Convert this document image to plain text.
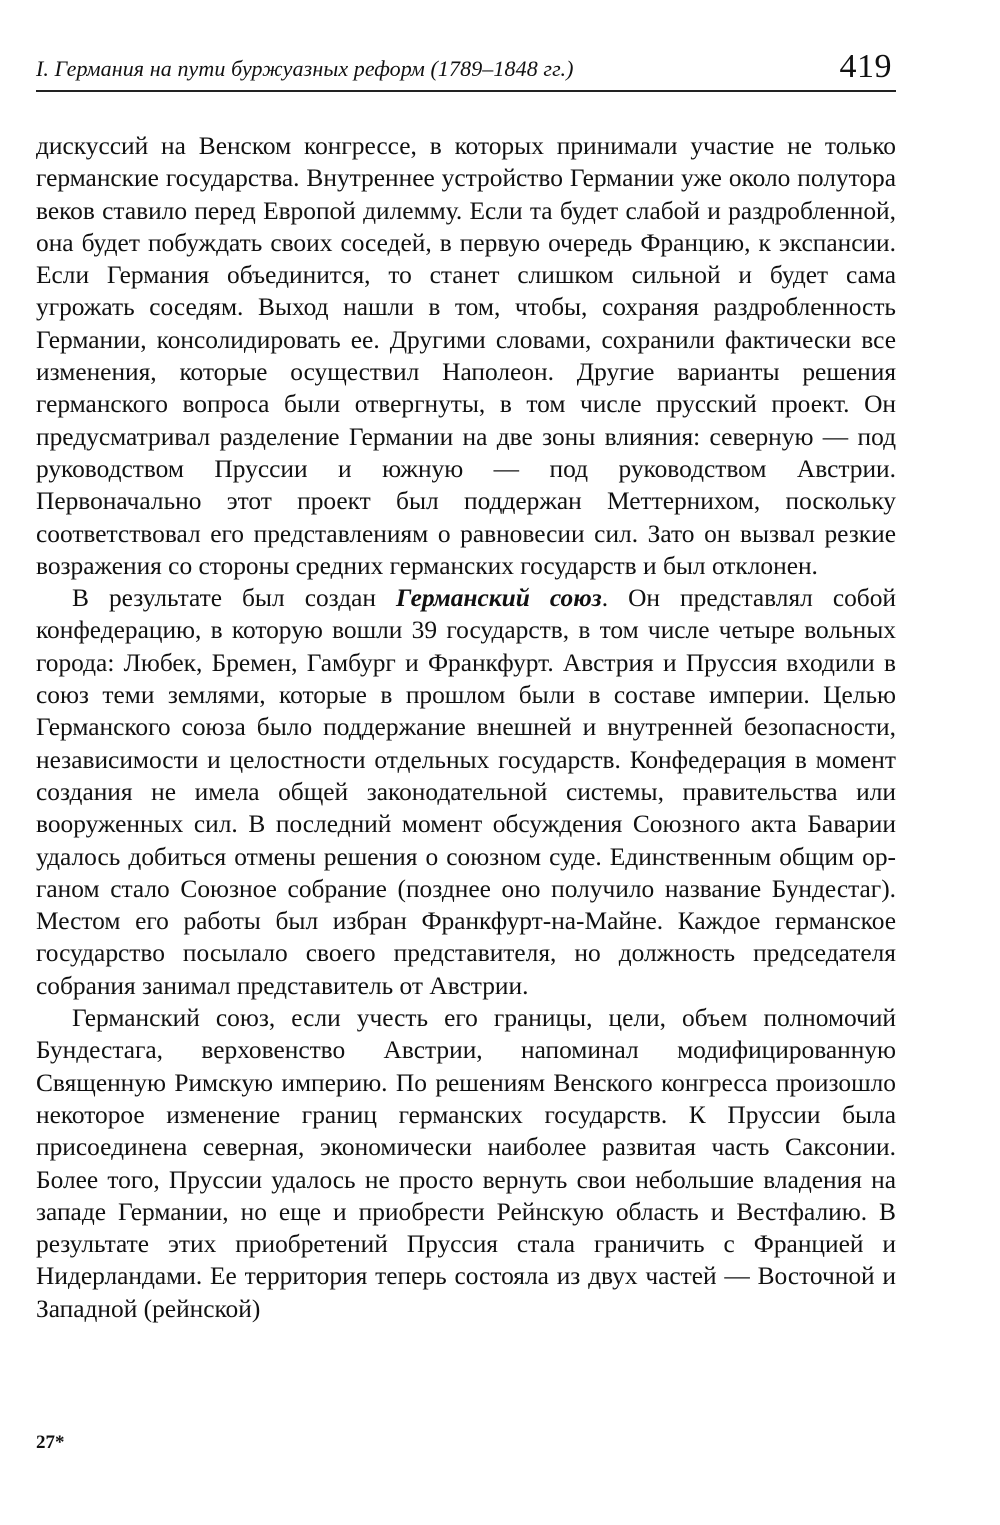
I. Германия на пути буржуазных реформ (1789–1848 гг.)	419

дискуссий на Венском конгрессе, в которых принимали участие не только германские государства. Внутреннее устройство Германии уже около полутора веков ставило перед Европой дилемму. Если та будет слабой и раздробленной, она будет побуждать своих соседей, в первую очередь Францию, к экспансии. Если Германия объединится, то станет слишком сильной и будет сама угрожать соседям. Выход нашли в том, чтобы, сохраняя раздробленность Германии, консолидировать ее. Другими словами, сохранили фактически все изменения, которые осуществил Наполеон. Другие варианты решения германского вопроса были отвергнуты, в том числе прусский проект. Он предусматривал разделение Германии на две зоны влияния: северную — под руководством Пруссии и южную — под руководством Австрии. Первоначально этот проект был поддержан Меттернихом, поскольку соответствовал его представлениям о равновесии сил. Зато он вызвал резкие возражения со стороны средних германских государств и был отклонен.

В результате был создан Германский союз. Он представлял собой конфедерацию, в которую вошли 39 государств, в том числе четыре вольных города: Любек, Бремен, Гамбург и Франкфурт. Австрия и Пруссия входили в союз теми землями, которые в прошлом были в составе империи. Целью Германского союза было поддержание внешней и внутренней безопасности, независимости и целостности отдельных государств. Конфедерация в момент создания не имела общей законодательной системы, правительства или вооруженных сил. В последний момент обсуждения Союзного акта Баварии удалось добиться отмены решения о союзном суде. Единственным общим органом стало Союзное собрание (позднее оно получило название Бундестаг). Местом его работы был избран Франкфурт-на-Майне. Каждое германское государство посылало своего представителя, но должность председателя собрания занимал представитель от Австрии.

Германский союз, если учесть его границы, цели, объем полномочий Бундестага, верховенство Австрии, напоминал модифицированную Священную Римскую империю. По решениям Венского конгресса произошло некоторое изменение границ германских государств. К Пруссии была присоединена северная, экономически наиболее развитая часть Саксонии. Более того, Пруссии удалось не просто вернуть свои небольшие владения на западе Германии, но еще и приобрести Рейнскую область и Вестфалию. В результате этих приобретений Пруссия стала граничить с Францией и Нидерландами. Ее территория теперь состояла из двух частей — Восточной и Западной (рейнской)

27*
